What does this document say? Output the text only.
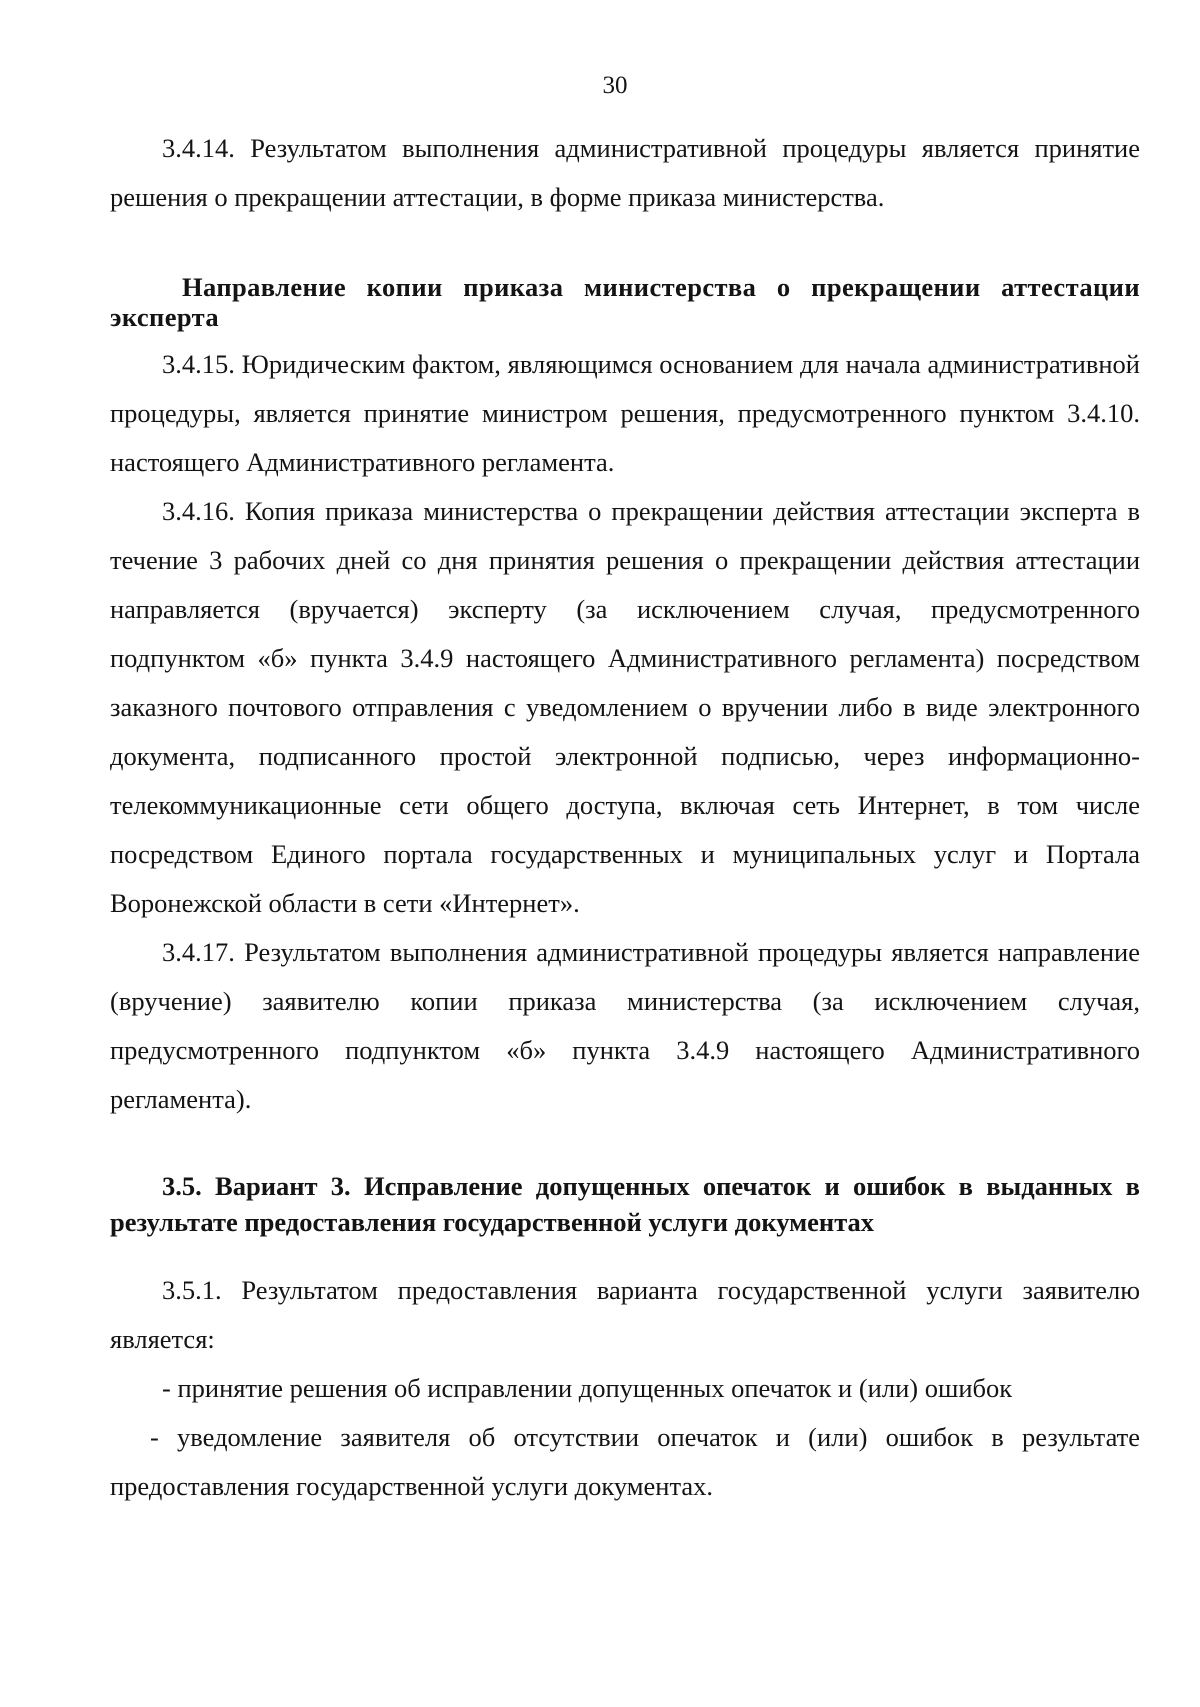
30

3.4.14. Результатом выполнения административной процедуры является принятие решения о прекращении аттестации, в форме приказа министерства.

Направление копии приказа министерства о прекращении аттестации эксперта

3.4.15. Юридическим фактом, являющимся основанием для начала административной процедуры, является принятие министром решения, предусмотренного пунктом 3.4.10. настоящего Административного регламента.

3.4.16. Копия приказа министерства о прекращении действия аттестации эксперта в течение 3 рабочих дней со дня принятия решения о прекращении действия аттестации направляется (вручается) эксперту (за исключением случая, предусмотренного подпунктом «б» пункта 3.4.9 настоящего Административного регламента) посредством заказного почтового отправления с уведомлением о вручении либо в виде электронного документа, подписанного простой электронной подписью, через информационно-телекоммуникационные сети общего доступа, включая сеть Интернет, в том числе посредством Единого портала государственных и муниципальных услуг и Портала Воронежской области в сети «Интернет».

3.4.17. Результатом выполнения административной процедуры является направление (вручение) заявителю копии приказа министерства (за исключением случая, предусмотренного подпунктом «б» пункта 3.4.9 настоящего Административного регламента).

3.5. Вариант 3. Исправление допущенных опечаток и ошибок в выданных в результате предоставления государственной услуги документах

3.5.1. Результатом предоставления варианта государственной услуги заявителю является:

- принятие решения об исправлении допущенных опечаток и (или) ошибок

- уведомление заявителя об отсутствии опечаток и (или) ошибок в результате предоставления государственной услуги документах.
